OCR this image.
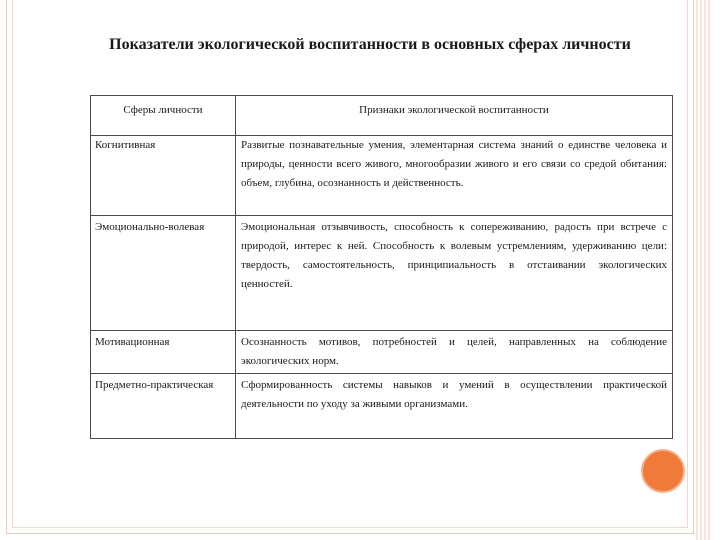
Показатели экологической воспитанности в основных сферах личности
Сферы личности	Признаки экологической воспитанности
Когнитивная	Развитые познавательные умения, элементарная система знаний о единстве человека и природы, ценности всего живого, многообразии живого и его связи со средой обитания: объем, глубина, осознанность и действенность.
Эмоционально-волевая	Эмоциональная отзывчивость, способность к сопереживанию, радость при встрече с природой, интерес к ней. Способность к волевым устремлениям, удерживанию цели: твердость, самостоятельность, принципиальность в отстаивании экологических ценностей.
Мотивационная	Осознанность мотивов, потребностей и целей, направленных на соблюдение экологических норм.
Предметно-практическая	Сформированность системы навыков и умений в осуществлении практической деятельности по уходу за живыми организмами.
